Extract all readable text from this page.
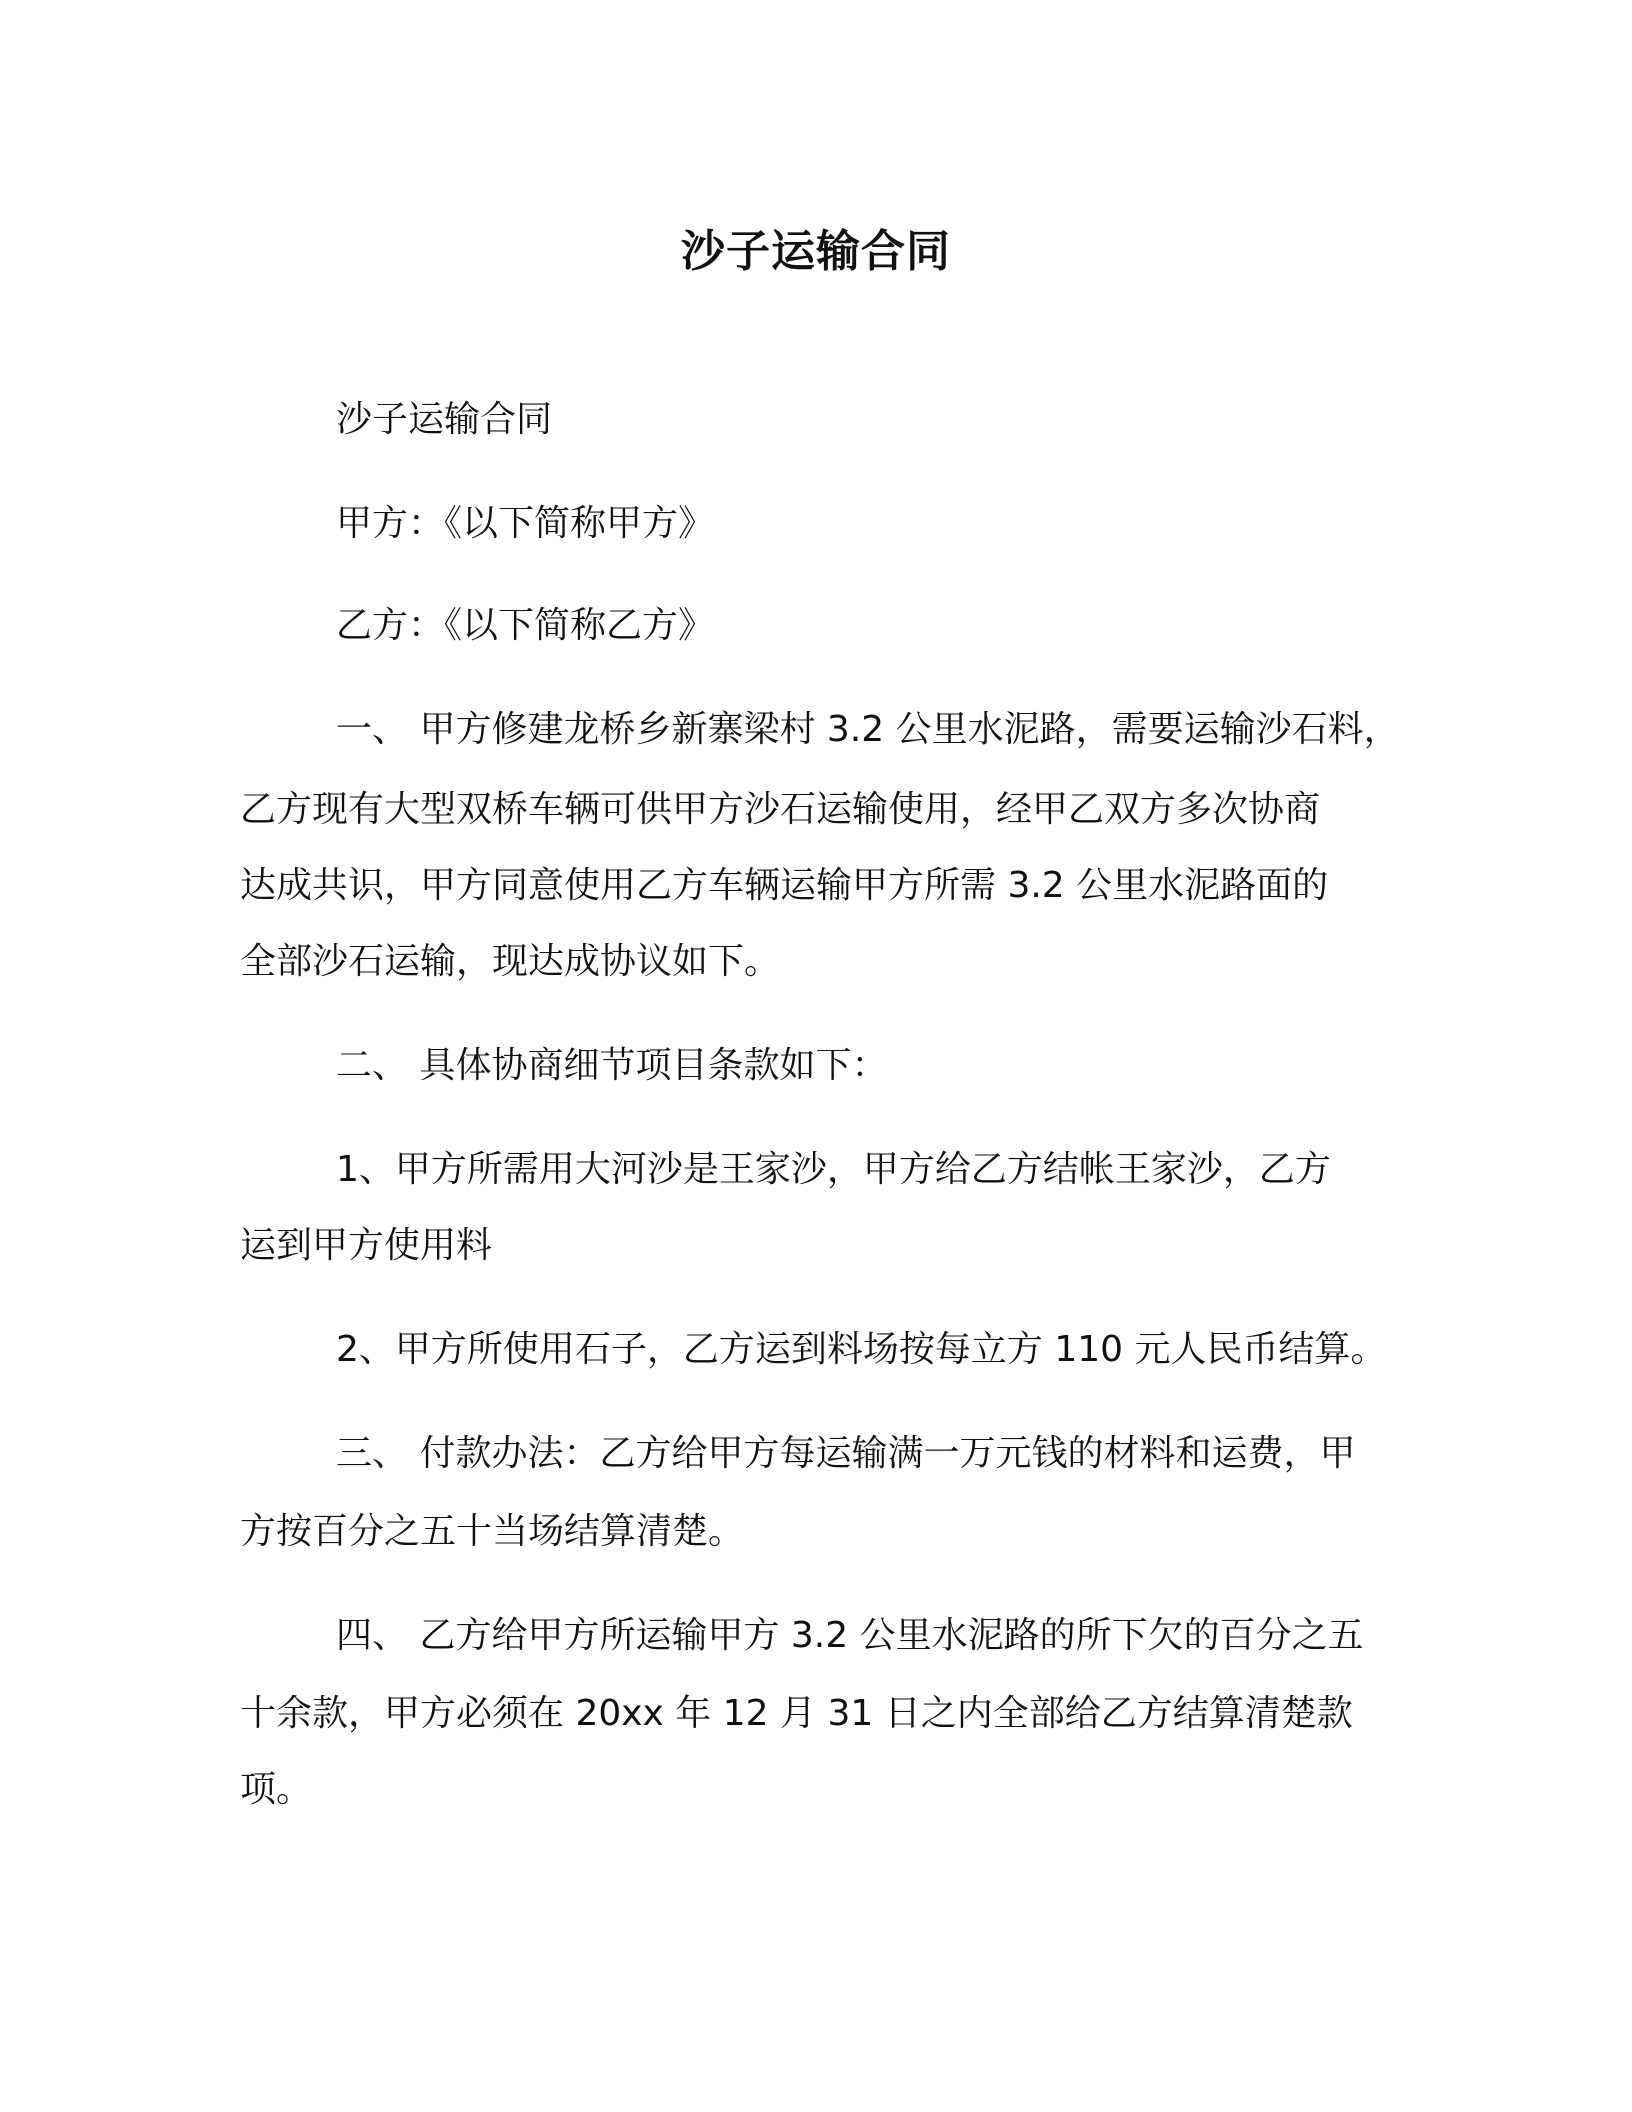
沙子运输合同
沙子运输合同
甲方：《以下简称甲方》
乙方：《以下简称乙方》
一、 甲方修建龙桥乡新寨梁村 3.2 公里水泥路，需要运输沙石料，
乙方现有大型双桥车辆可供甲方沙石运输使用，经甲乙双方多次协商
达成共识，甲方同意使用乙方车辆运输甲方所需 3.2 公里水泥路面的
全部沙石运输，现达成协议如下。
二、 具体协商细节项目条款如下：
1、甲方所需用大河沙是王家沙，甲方给乙方结帐王家沙，乙方
运到甲方使用料
2、甲方所使用石子，乙方运到料场按每立方 110 元人民币结算。
三、 付款办法：乙方给甲方每运输满一万元钱的材料和运费，甲
方按百分之五十当场结算清楚。
四、 乙方给甲方所运输甲方 3.2 公里水泥路的所下欠的百分之五
十余款，甲方必须在 20xx 年 12 月 31 日之内全部给乙方结算清楚款
项。
